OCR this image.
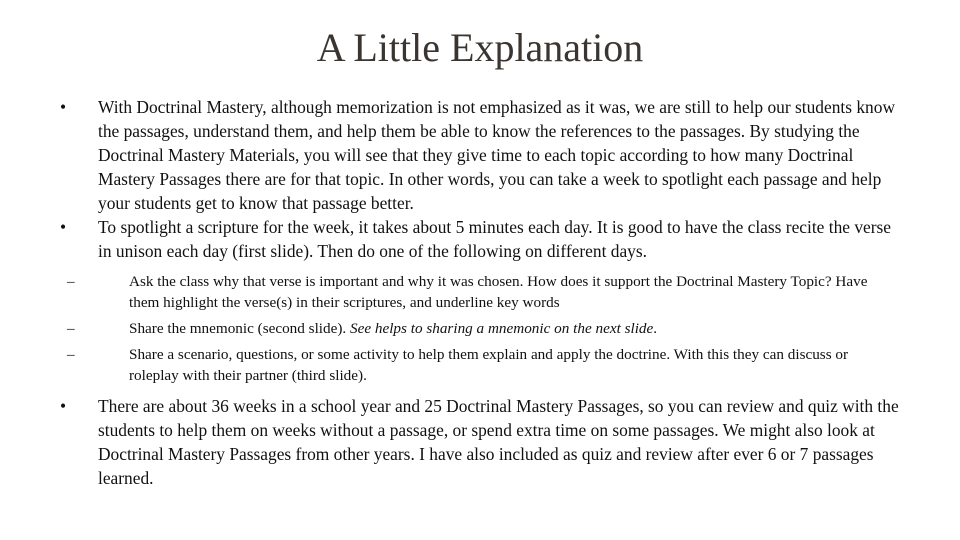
A Little Explanation
•	With Doctrinal Mastery, although memorization is not emphasized as it was, we are still to help our students know the passages, understand them, and help them be able to know the references to the passages. By studying the Doctrinal Mastery Materials, you will see that they give time to each topic according to how many Doctrinal Mastery Passages there are for that topic. In other words, you can take a week to spotlight each passage and help your students get to know that passage better.
•	To spotlight a scripture for the week, it takes about 5 minutes each day. It is good to have the class recite the verse in unison each day (first slide). Then do one of the following on different days.
–	Ask the class why that verse is important and why it was chosen. How does it support the Doctrinal Mastery Topic? Have them highlight the verse(s) in their scriptures, and underline key words
–	Share the mnemonic (second slide). See helps to sharing a mnemonic on the next slide.
–	Share a scenario, questions, or some activity to help them explain and apply the doctrine. With this they can discuss or roleplay with their partner (third slide).
•	There are about 36 weeks in a school year and 25 Doctrinal Mastery Passages, so you can review and quiz with the students to help them on weeks without a passage, or spend extra time on some passages. We might also look at Doctrinal Mastery Passages from other years. I have also included as quiz and review after ever 6 or 7 passages learned.
